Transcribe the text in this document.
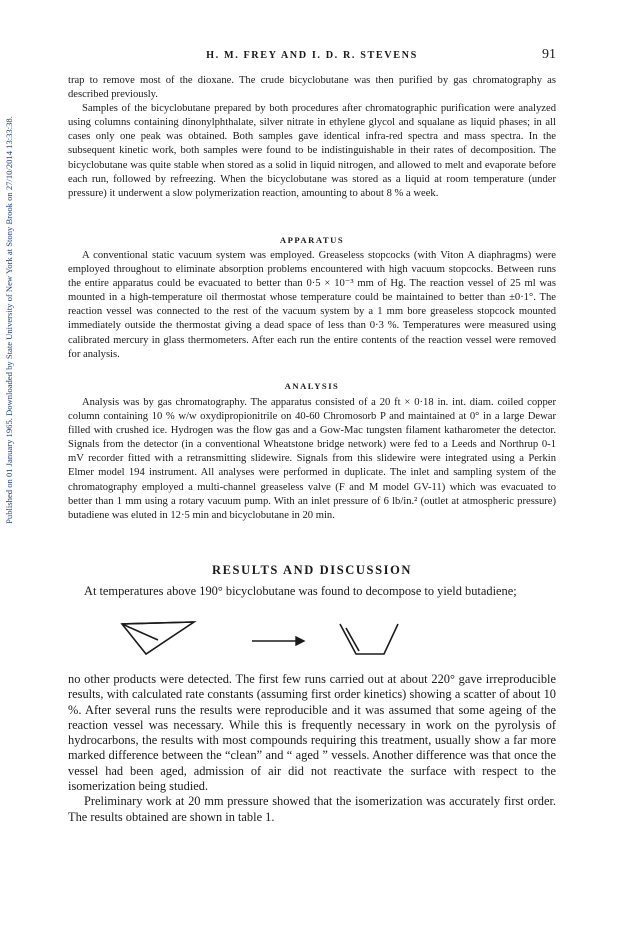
Published on 01 January 1965. Downloaded by State University of New York at Stony Brook on 27/10/2014 13:33:38.
H. M. FREY AND I. D. R. STEVENS	91

trap to remove most of the dioxane. The crude bicyclobutane was then purified by gas chromatography as described previously.

Samples of the bicyclobutane prepared by both procedures after chromatographic purification were analyzed using columns containing dinonylphthalate, silver nitrate in ethylene glycol and squalane as liquid phases; in all cases only one peak was obtained. Both samples gave identical infra-red spectra and mass spectra. In the subsequent kinetic work, both samples were found to be indistinguishable in their rates of decomposition. The bicyclobutane was quite stable when stored as a solid in liquid nitrogen, and allowed to melt and evaporate before each run, followed by refreezing. When the bicyclobutane was stored as a liquid at room temperature (under pressure) it underwent a slow polymerization reaction, amounting to about 8 % a week.

APPARATUS

A conventional static vacuum system was employed. Greaseless stopcocks (with Viton A diaphragms) were employed throughout to eliminate absorption problems encountered with high vacuum stopcocks. Between runs the entire apparatus could be evacuated to better than 0·5 × 10⁻³ mm of Hg. The reaction vessel of 25 ml was mounted in a high-temperature oil thermostat whose temperature could be maintained to better than ±0·1°. The reaction vessel was connected to the rest of the vacuum system by a 1 mm bore greaseless stopcock mounted immediately outside the thermostat giving a dead space of less than 0·3 %. Temperatures were measured using calibrated mercury in glass thermometers. After each run the entire contents of the reaction vessel were removed for analysis.

ANALYSIS

Analysis was by gas chromatography. The apparatus consisted of a 20 ft × 0·18 in. int. diam. coiled copper column containing 10 % w/w oxydipropionitrile on 40-60 Chromosorb P and maintained at 0° in a large Dewar filled with crushed ice. Hydrogen was the flow gas and a Gow-Mac tungsten filament katharometer the detector. Signals from the detector (in a conventional Wheatstone bridge network) were fed to a Leeds and Northrup 0-1 mV recorder fitted with a retransmitting slidewire. Signals from this slidewire were integrated using a Perkin Elmer model 194 instrument. All analyses were performed in duplicate. The inlet and sampling system of the chromatography employed a multi-channel greaseless valve (F and M model GV-11) which was evacuated to better than 1 mm using a rotary vacuum pump. With an inlet pressure of 6 lb/in.² (outlet at atmospheric pressure) butadiene was eluted in 12·5 min and bicyclobutane in 20 min.

RESULTS AND DISCUSSION

At temperatures above 190° bicyclobutane was found to decompose to yield butadiene;

no other products were detected. The first few runs carried out at about 220° gave irreproducible results, with calculated rate constants (assuming first order kinetics) showing a scatter of about 10 %. After several runs the results were reproducible and it was assumed that some ageing of the reaction vessel was necessary. While this is frequently necessary in work on the pyrolysis of hydrocarbons, the results with most compounds requiring this treatment, usually show a far more marked difference between the “clean” and “ aged ” vessels. Another difference was that once the vessel had been aged, admission of air did not reactivate the surface with respect to the isomerization being studied.

Preliminary work at 20 mm pressure showed that the isomerization was accurately first order. The results obtained are shown in table 1.
